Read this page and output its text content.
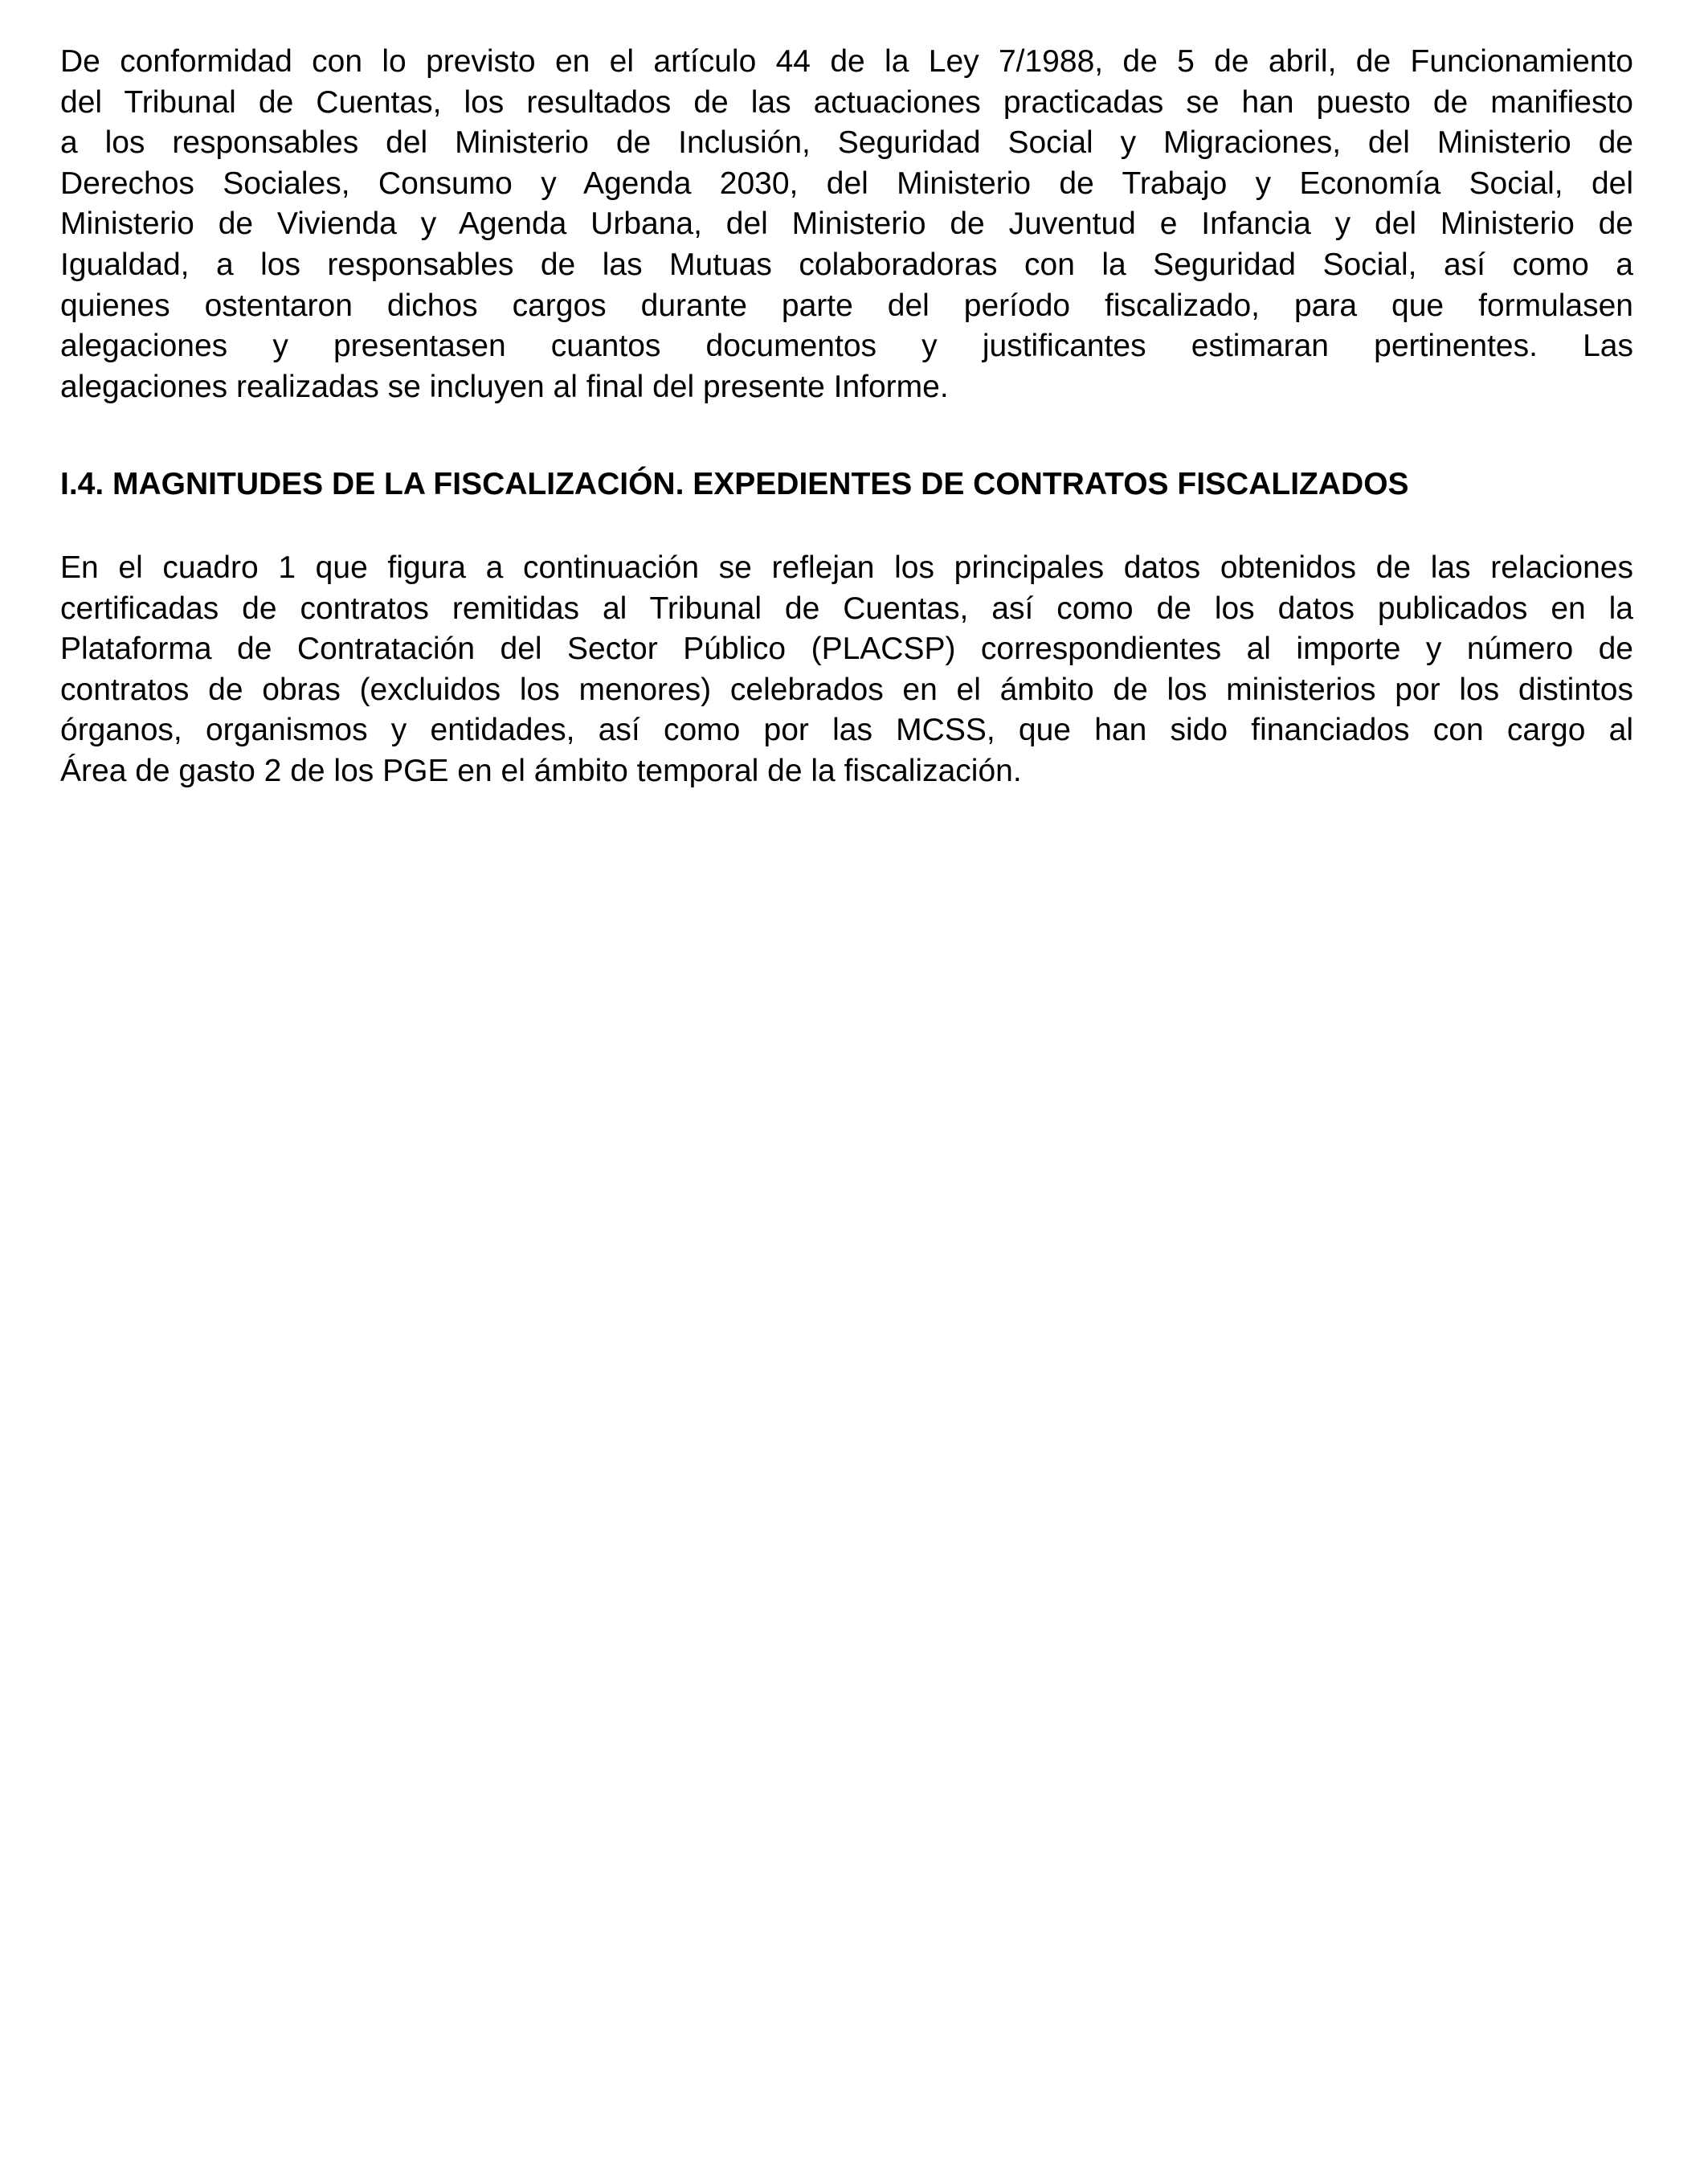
De conformidad con lo previsto en el artículo 44 de la Ley 7/1988, de 5 de abril, de Funcionamiento
del Tribunal de Cuentas, los resultados de las actuaciones practicadas se han puesto de manifiesto
a los responsables del Ministerio de Inclusión, Seguridad Social y Migraciones, del Ministerio de
Derechos Sociales, Consumo y Agenda 2030, del Ministerio de Trabajo y Economía Social, del
Ministerio de Vivienda y Agenda Urbana, del Ministerio de Juventud e Infancia y del Ministerio de
Igualdad, a los responsables de las Mutuas colaboradoras con la Seguridad Social, así como a
quienes ostentaron dichos cargos durante parte del período fiscalizado, para que formulasen
alegaciones y presentasen cuantos documentos y justificantes estimaran pertinentes. Las
alegaciones realizadas se incluyen al final del presente Informe.
I.4. MAGNITUDES DE LA FISCALIZACIÓN. EXPEDIENTES DE CONTRATOS FISCALIZADOS
En el cuadro 1 que figura a continuación se reflejan los principales datos obtenidos de las relaciones
certificadas de contratos remitidas al Tribunal de Cuentas, así como de los datos publicados en la
Plataforma de Contratación del Sector Público (PLACSP) correspondientes al importe y número de
contratos de obras (excluidos los menores) celebrados en el ámbito de los ministerios por los distintos
órganos, organismos y entidades, así como por las MCSS, que han sido financiados con cargo al
Área de gasto 2 de los PGE en el ámbito temporal de la fiscalización.
